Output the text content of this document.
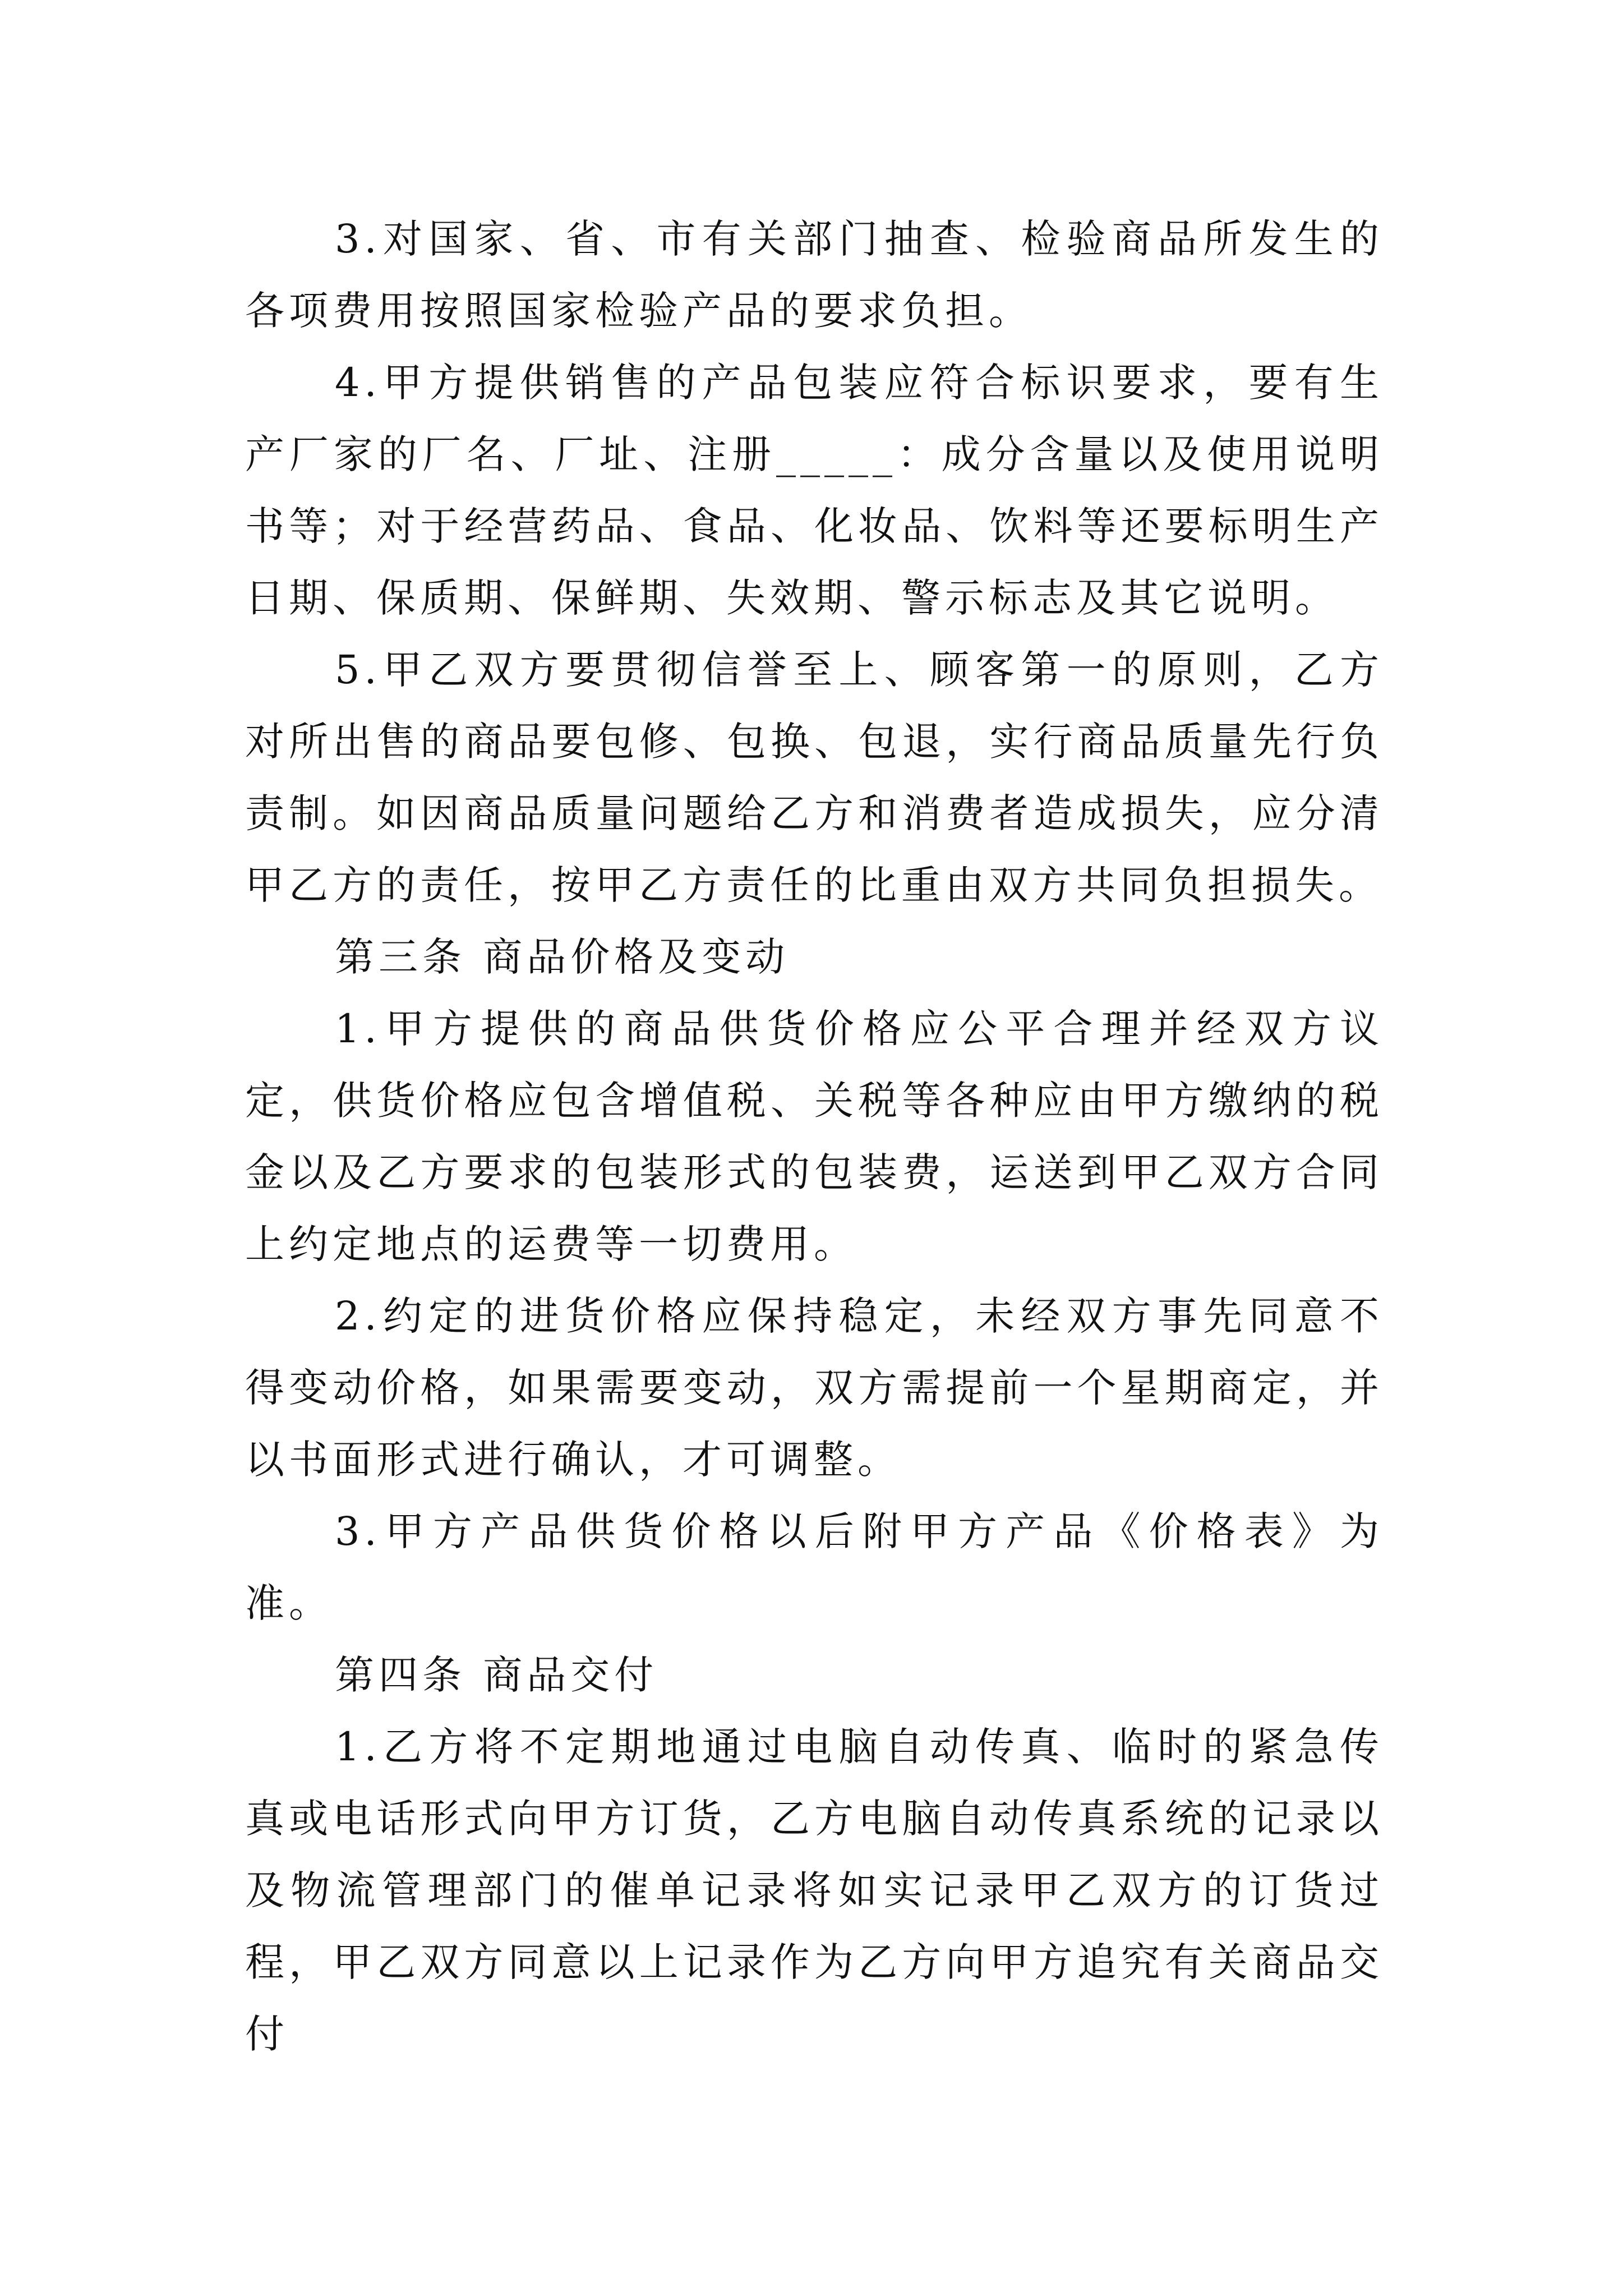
3.对国家、省、市有关部门抽查、检验商品所发生的各项费用按照国家检验产品的要求负担。

4.甲方提供销售的产品包装应符合标识要求，要有生产厂家的厂名、厂址、注册_____：成分含量以及使用说明书等；对于经营药品、食品、化妆品、饮料等还要标明生产日期、保质期、保鲜期、失效期、警示标志及其它说明。

5.甲乙双方要贯彻信誉至上、顾客第一的原则，乙方对所出售的商品要包修、包换、包退，实行商品质量先行负责制。如因商品质量问题给乙方和消费者造成损失，应分清甲乙方的责任，按甲乙方责任的比重由双方共同负担损失。

第三条 商品价格及变动

1.甲方提供的商品供货价格应公平合理并经双方议定，供货价格应包含增值税、关税等各种应由甲方缴纳的税金以及乙方要求的包装形式的包装费，运送到甲乙双方合同上约定地点的运费等一切费用。

2.约定的进货价格应保持稳定，未经双方事先同意不得变动价格，如果需要变动，双方需提前一个星期商定，并以书面形式进行确认，才可调整。

3.甲方产品供货价格以后附甲方产品《价格表》为准。

第四条 商品交付

1.乙方将不定期地通过电脑自动传真、临时的紧急传真或电话形式向甲方订货，乙方电脑自动传真系统的记录以及物流管理部门的催单记录将如实记录甲乙双方的订货过程，甲乙双方同意以上记录作为乙方向甲方追究有关商品交付
